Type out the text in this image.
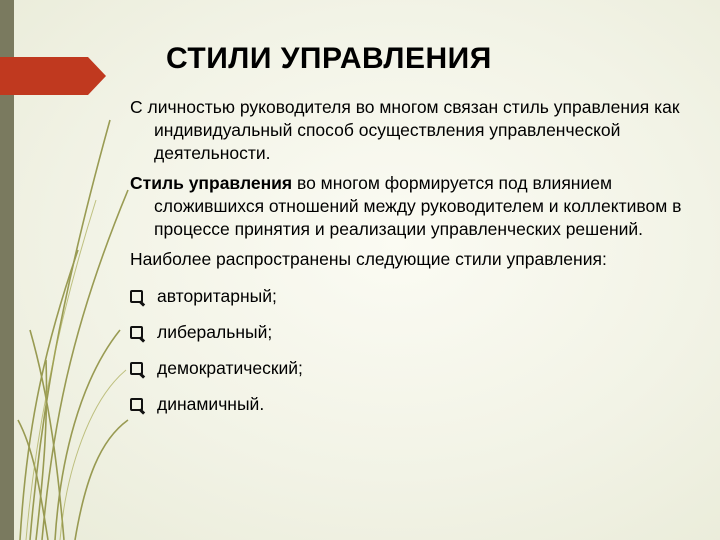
СТИЛИ УПРАВЛЕНИЯ

С личностью руководителя во многом связан стиль управления как индивидуальный способ осуществления управленческой деятельности.

Стиль управления во многом формируется под влиянием сложившихся отношений между руководителем и коллективом в процессе принятия и реализации управленческих решений.

Наиболее распространены следующие стили управления:

авторитарный;
либеральный;
демократический;
динамичный.
